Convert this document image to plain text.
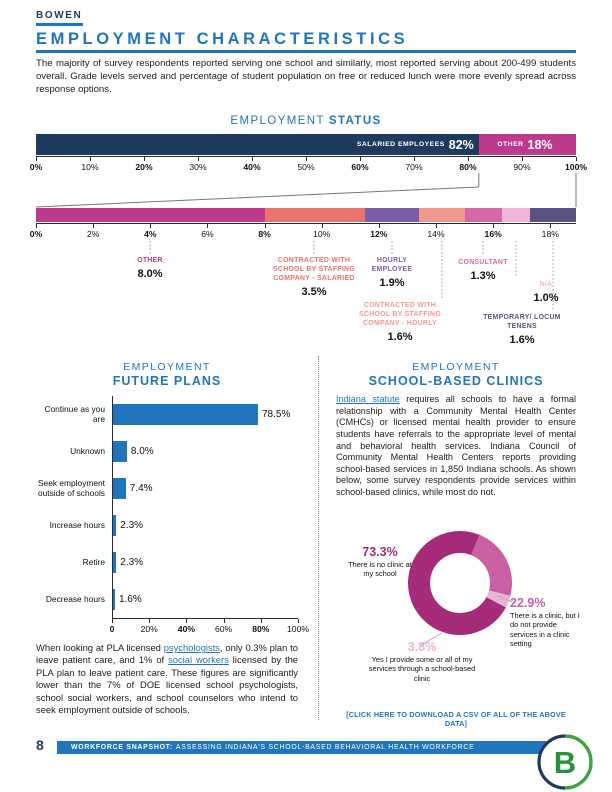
BOWEN
EMPLOYMENT CHARACTERISTICS

The majority of survey respondents reported serving one school and similarly, most reported serving about 200-499 students overall. Grade levels served and percentage of student population on free or reduced lunch were more evenly spread across response options.

EMPLOYMENT STATUS
SALARIED EMPLOYEES 82%	OTHER 18%
0%	10%	20%	30%	40%	50%	60%	70%	80%	90%	100%
0%	2%	4%	6%	8%	10%	12%	14%	16%	18%
OTHER
8.0%
CONTRACTED WITH SCHOOL BY STAFFING COMPANY - SALARIED
3.5%
HOURLY EMPLOYEE
1.9%
CONTRACTED WITH SCHOOL BY STAFFING COMPANY - HOURLY
1.6%
CONSULTANT
1.3%
N/A
1.0%
TEMPORARY/ LOCUM TENENS
1.6%
EMPLOYMENT
FUTURE PLANS
Continue as you are	78.5%
Unknown	8.0%
Seek employment outside of schools	7.4%
Increase hours	2.3%
Retire	2.3%
Decrease hours	1.6%
0	20% 40% 60% 80% 100%

When looking at PLA licensed psychologists, only 0.3% plan to leave patient care, and 1% of social workers licensed by the PLA plan to leave patient care. These figures are significantly lower than the 7% of DOE licensed school psychologists, school social workers, and school counselors who intend to seek employment outside of schools.

EMPLOYMENT
SCHOOL-BASED CLINICS

Indiana statute requires all schools to have a formal relationship with a Community Mental Health Center (CMHCs) or licensed mental health provider to ensure students have referrals to the appropriate level of mental and behavioral health services. Indiana Council of Community Mental Health Centers reports providing school-based services in 1,850 Indiana schools. As shown below, some survey respondents provide services within school-based clinics, while most do not.

73.3%
There is no clinic at my school
22.9%
There is a clinic, but I do not provide services in a clinic setting
3.8%
Yes I provide some or all of my services through a school-based clinic
[CLICK HERE TO DOWNLOAD A CSV OF ALL OF THE ABOVE DATA]
8	WORKFORCE SNAPSHOT: ASSESSING INDIANA'S SCHOOL-BASED BEHAVIORAL HEALTH WORKFORCE	B
